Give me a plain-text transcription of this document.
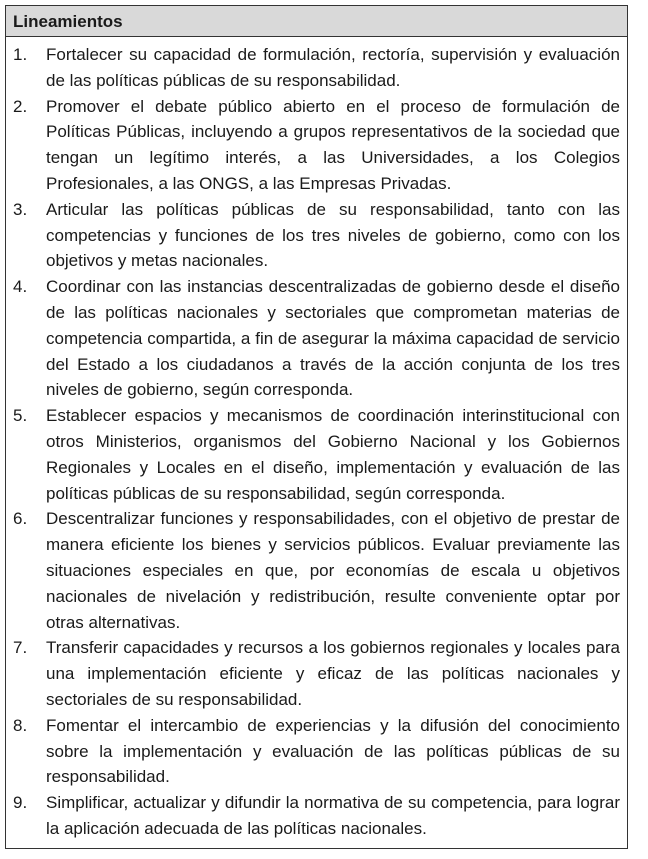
Lineamientos
1. Fortalecer su capacidad de formulación, rectoría, supervisión y evaluación de las políticas públicas de su responsabilidad.
2. Promover el debate público abierto en el proceso de formulación de Políticas Públicas, incluyendo a grupos representativos de la sociedad que tengan un legítimo interés, a las Universidades, a los Colegios Profesionales, a las ONGS, a las Empresas Privadas.
3. Articular las políticas públicas de su responsabilidad, tanto con las competencias y funciones de los tres niveles de gobierno, como con los objetivos y metas nacionales.
4. Coordinar con las instancias descentralizadas de gobierno desde el diseño de las políticas nacionales y sectoriales que comprometan materias de competencia compartida, a fin de asegurar la máxima capacidad de servicio del Estado a los ciudadanos a través de la acción conjunta de los tres niveles de gobierno, según corresponda.
5. Establecer espacios y mecanismos de coordinación interinstitucional con otros Ministerios, organismos del Gobierno Nacional y los Gobiernos Regionales y Locales en el diseño, implementación y evaluación de las políticas públicas de su responsabilidad, según corresponda.
6. Descentralizar funciones y responsabilidades, con el objetivo de prestar de manera eficiente los bienes y servicios públicos. Evaluar previamente las situaciones especiales en que, por economías de escala u objetivos nacionales de nivelación y redistribución, resulte conveniente optar por otras alternativas.
7. Transferir capacidades y recursos a los gobiernos regionales y locales para una implementación eficiente y eficaz de las políticas nacionales y sectoriales de su responsabilidad.
8. Fomentar el intercambio de experiencias y la difusión del conocimiento sobre la implementación y evaluación de las políticas públicas de su responsabilidad.
9. Simplificar, actualizar y difundir la normativa de su competencia, para lograr la aplicación adecuada de las políticas nacionales.
